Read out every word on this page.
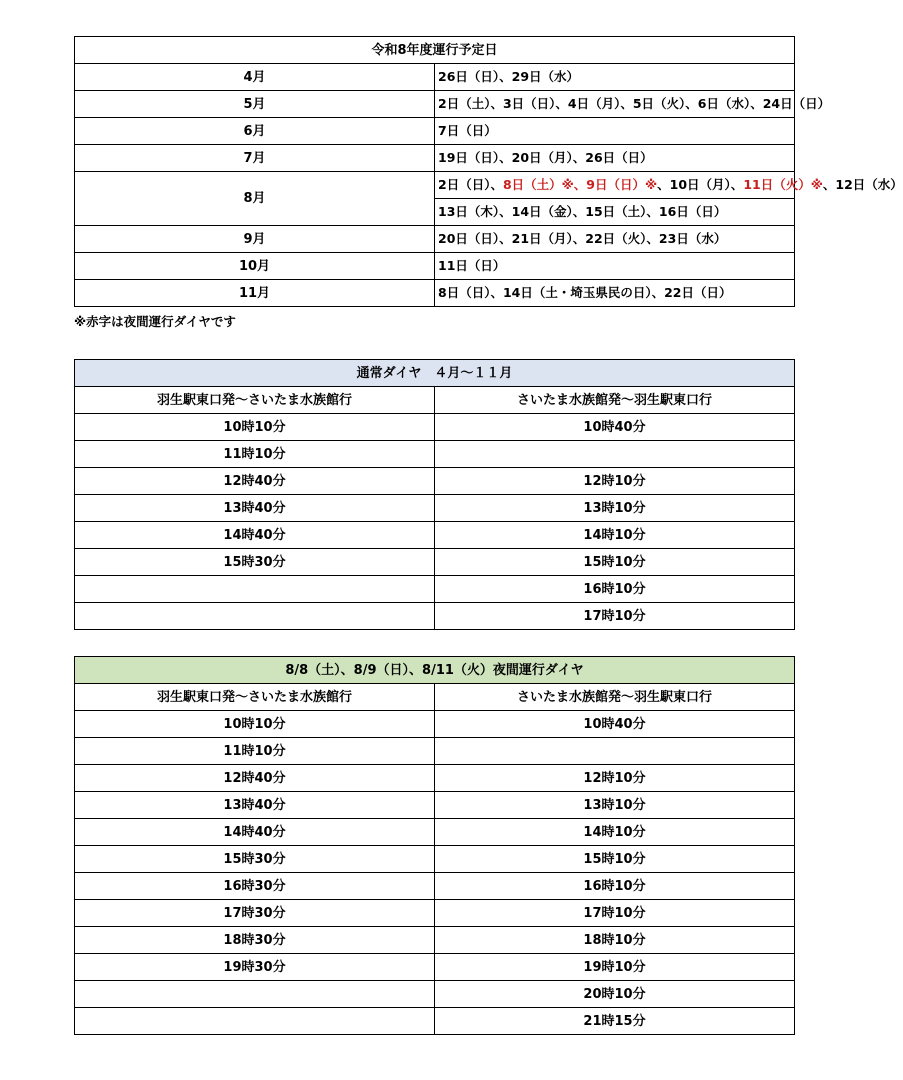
令和8年度運行予定日	
4月	26日（日）、29日（水）
5月	2日（土）、3日（日）、4日（月）、5日（火）、6日（水）、24日（日）
6月	7日（日）
7月	19日（日）、20日（月）、26日（日）
8月	2日（日）、8日（土）※、9日（日）※、10日（月）、11日（火）※、12日（水）
	13日（木）、14日（金）、15日（土）、16日（日）
9月	20日（日）、21日（月）、22日（火）、23日（水）
10月	11日（日）
11月	8日（日）、14日（土・埼玉県民の日）、22日（日）
※赤字は夜間運行ダイヤです
通常ダイヤ　４月～１１月	
羽生駅東口発～さいたま水族館行	さいたま水族館発～羽生駅東口行
10時10分	10時40分
11時10分	
12時40分	12時10分
13時40分	13時10分
14時40分	14時10分
15時30分	15時10分
	16時10分
	17時10分
8/8（土）、8/9（日）、8/11（火）夜間運行ダイヤ	
羽生駅東口発～さいたま水族館行	さいたま水族館発～羽生駅東口行
10時10分	10時40分
11時10分	
12時40分	12時10分
13時40分	13時10分
14時40分	14時10分
15時30分	15時10分
16時30分	16時10分
17時30分	17時10分
18時30分	18時10分
19時30分	19時10分
	20時10分
	21時15分
